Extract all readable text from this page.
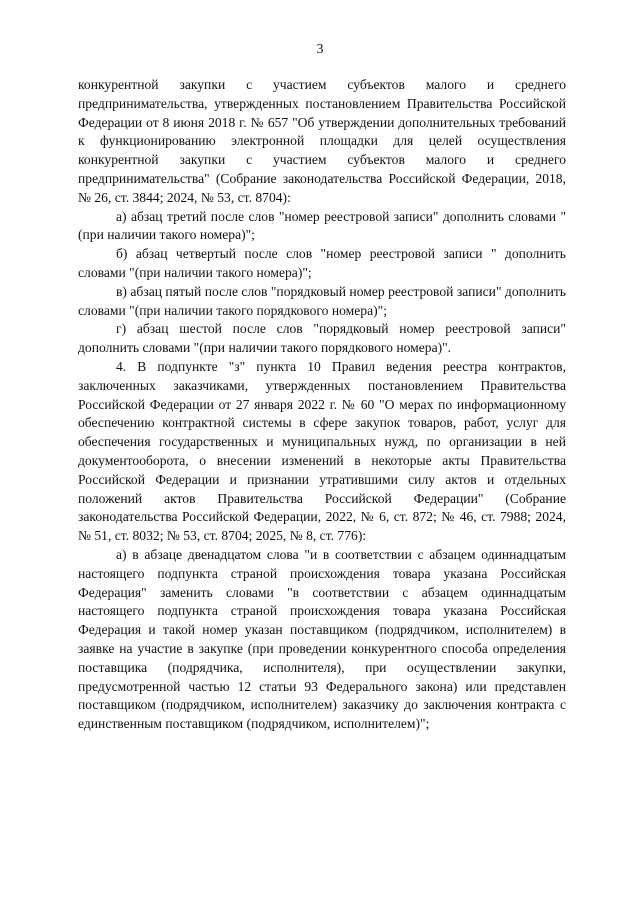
3

конкурентной закупки с участием субъектов малого и среднего предпринимательства, утвержденных постановлением Правительства Российской Федерации от 8 июня 2018 г. № 657 "Об утверждении дополнительных требований к функционированию электронной площадки для целей осуществления конкурентной закупки с участием субъектов малого и среднего предпринимательства" (Собрание законодательства Российской Федерации, 2018, № 26, ст. 3844; 2024, № 53, ст. 8704):

а) абзац третий после слов "номер реестровой записи" дополнить словами "(при наличии такого номера)";

б) абзац четвертый после слов "номер реестровой записи " дополнить словами "(при наличии такого номера)";

в) абзац пятый после слов "порядковый номер реестровой записи" дополнить словами "(при наличии такого порядкового номера)";

г) абзац шестой после слов "порядковый номер реестровой записи" дополнить словами "(при наличии такого порядкового номера)".

4. В подпункте "з" пункта 10 Правил ведения реестра контрактов, заключенных заказчиками, утвержденных постановлением Правительства Российской Федерации от 27 января 2022 г. № 60 "О мерах по информационному обеспечению контрактной системы в сфере закупок товаров, работ, услуг для обеспечения государственных и муниципальных нужд, по организации в ней документооборота, о внесении изменений в некоторые акты Правительства Российской Федерации и признании утратившими силу актов и отдельных положений актов Правительства Российской Федерации" (Собрание законодательства Российской Федерации, 2022, № 6, ст. 872; № 46, ст. 7988; 2024, № 51, ст. 8032; № 53, ст. 8704; 2025, № 8, ст. 776):

а) в абзаце двенадцатом слова "и в соответствии с абзацем одиннадцатым настоящего подпункта страной происхождения товара указана Российская Федерация" заменить словами "в соответствии с абзацем одиннадцатым настоящего подпункта страной происхождения товара указана Российская Федерация и такой номер указан поставщиком (подрядчиком, исполнителем) в заявке на участие в закупке (при проведении конкурентного способа определения поставщика (подрядчика, исполнителя), при осуществлении закупки, предусмотренной частью 12 статьи 93 Федерального закона) или представлен поставщиком (подрядчиком, исполнителем) заказчику до заключения контракта с единственным поставщиком (подрядчиком, исполнителем)";
